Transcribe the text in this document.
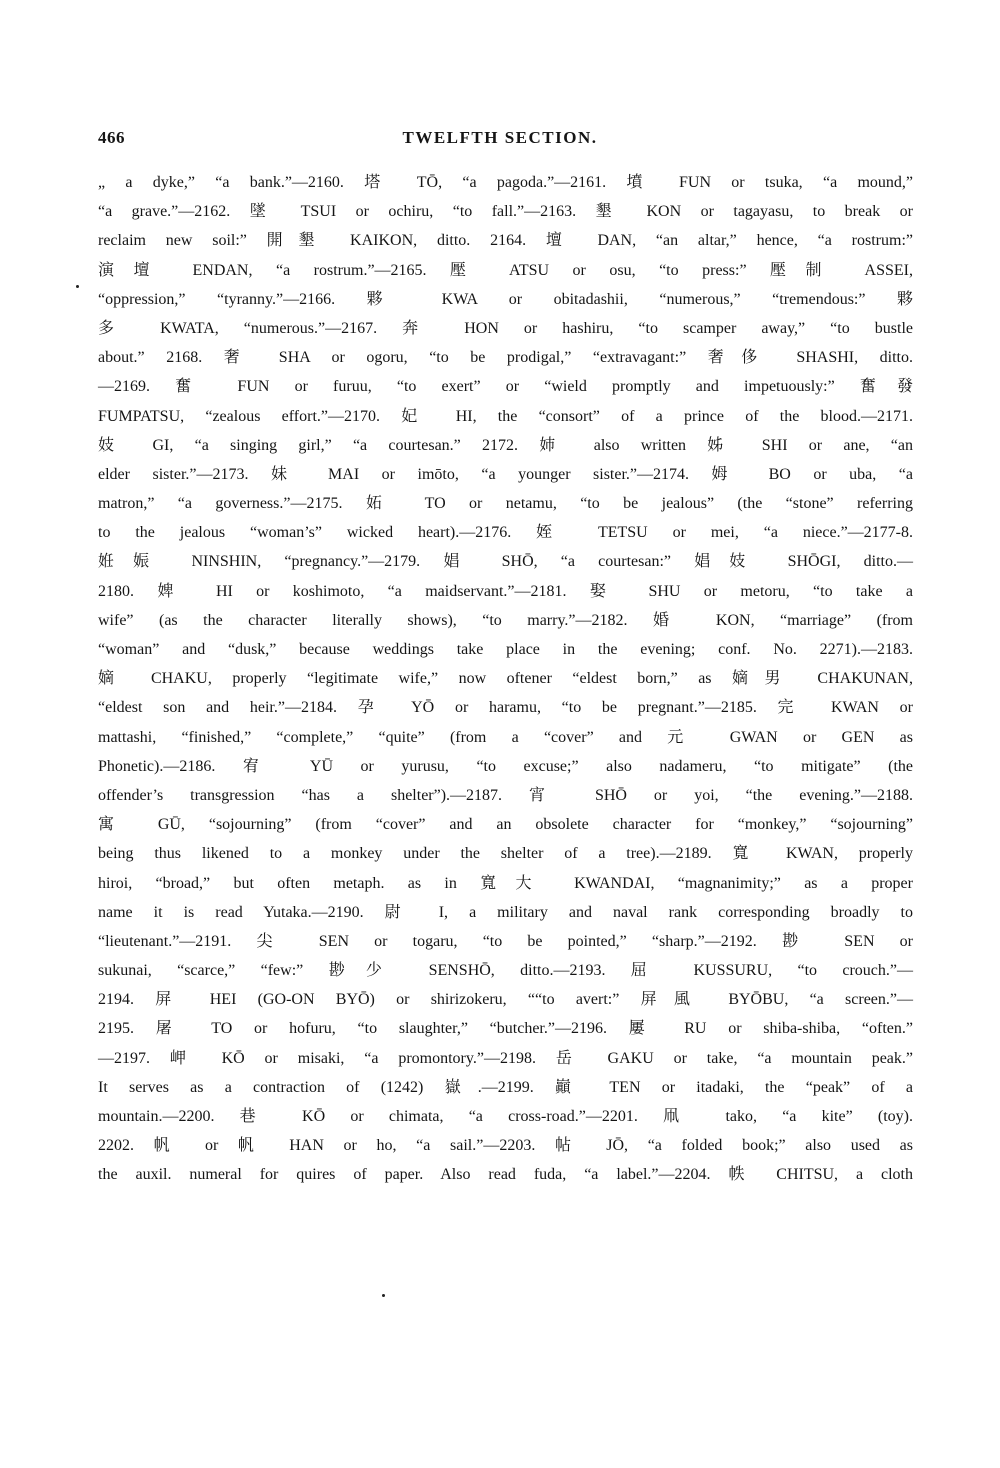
466	TWELFTH SECTION.
„ a dyke,” “a bank.”—2160. 塔 TŌ, “a pagoda.”—2161. 墳 FUN or tsuka, “a mound,”
“a grave.”—2162. 墜 TSUI or ochiru, “to fall.”—2163. 墾 KON or tagayasu, to break or
reclaim new soil:” 開墾 KAIKON, ditto. 2164. 壇 DAN, “an altar,” hence, “a rostrum:”
演壇 ENDAN, “a rostrum.”—2165. 壓 ATSU or osu, “to press:” 壓制 ASSEI,
“oppression,” “tyranny.”—2166. 夥 KWA or obitadashii, “numerous,” “tremendous:” 夥
多 KWATA, “numerous.”—2167. 奔 HON or hashiru, “to scamper away,” “to bustle
about.” 2168. 奢 SHA or ogoru, “to be prodigal,” “extravagant:” 奢侈 SHASHI, ditto.
—2169. 奮 FUN or furuu, “to exert” or “wield promptly and impetuously:” 奮發
FUMPATSU, “zealous effort.”—2170. 妃 HI, the “consort” of a prince of the blood.—2171.
妓 GI, “a singing girl,” “a courtesan.” 2172. 姉 also written 姊 SHI or ane, “an
elder sister.”—2173. 妹 MAI or imōto, “a younger sister.”—2174. 姆 BO or uba, “a
matron,” “a governess.”—2175. 妬 TO or netamu, “to be jealous” (the “stone” referring
to the jealous “woman’s” wicked heart).—2176. 姪 TETSU or mei, “a niece.”—2177-8.
姙娠 NINSHIN, “pregnancy.”—2179. 娼 SHŌ, “a courtesan:” 娼妓 SHŌGI, ditto.—
2180. 婢 HI or koshimoto, “a maidservant.”—2181. 娶 SHU or metoru, “to take a
wife” (as the character literally shows), “to marry.”—2182. 婚 KON, “marriage” (from
“woman” and “dusk,” because weddings take place in the evening; conf. No. 2271).—2183.
嫡 CHAKU, properly “legitimate wife,” now oftener “eldest born,” as 嫡男 CHAKUNAN,
“eldest son and heir.”—2184. 孕 YŌ or haramu, “to be pregnant.”—2185. 完 KWAN or
mattashi, “finished,” “complete,” “quite” (from a “cover” and 元 GWAN or GEN as
Phonetic).—2186. 宥 YŪ or yurusu, “to excuse;” also nadameru, “to mitigate” (the
offender’s transgression “has a shelter”).—2187. 宵 SHŌ or yoi, “the evening.”—2188.
寓 GŪ, “sojourning” (from “cover” and an obsolete character for “monkey,” “sojourning”
being thus likened to a monkey under the shelter of a tree).—2189. 寬 KWAN, properly
hiroi, “broad,” but often metaph. as in 寬大 KWANDAI, “magnanimity;” as a proper
name it is read Yutaka.—2190. 尉 I, a military and naval rank corresponding broadly to
“lieutenant.”—2191. 尖 SEN or togaru, “to be pointed,” “sharp.”—2192. 尠 SEN or
sukunai, “scarce,” “few:” 尠少 SENSHŌ, ditto.—2193. 屈 KUSSURU, “to crouch.”—
2194. 屏 HEI (GO-ON BYŌ) or shirizokeru, ““to avert:” 屏風 BYŌBU, “a screen.”—
2195. 屠 TO or hofuru, “to slaughter,” “butcher.”—2196. 屢 RU or shiba-shiba, “often.”
—2197. 岬 KŌ or misaki, “a promontory.”—2198. 岳 GAKU or take, “a mountain peak.”
It serves as a contraction of (1242) 嶽.—2199. 巓 TEN or itadaki, the “peak” of a
mountain.—2200. 巷 KŌ or chimata, “a cross-road.”—2201. 凧 tako, “a kite” (toy).
2202. 帆 or 帆 HAN or ho, “a sail.”—2203. 帖 JŌ, “a folded book;” also used as
the auxil. numeral for quires of paper. Also read fuda, “a label.”—2204. 帙 CHITSU, a cloth
